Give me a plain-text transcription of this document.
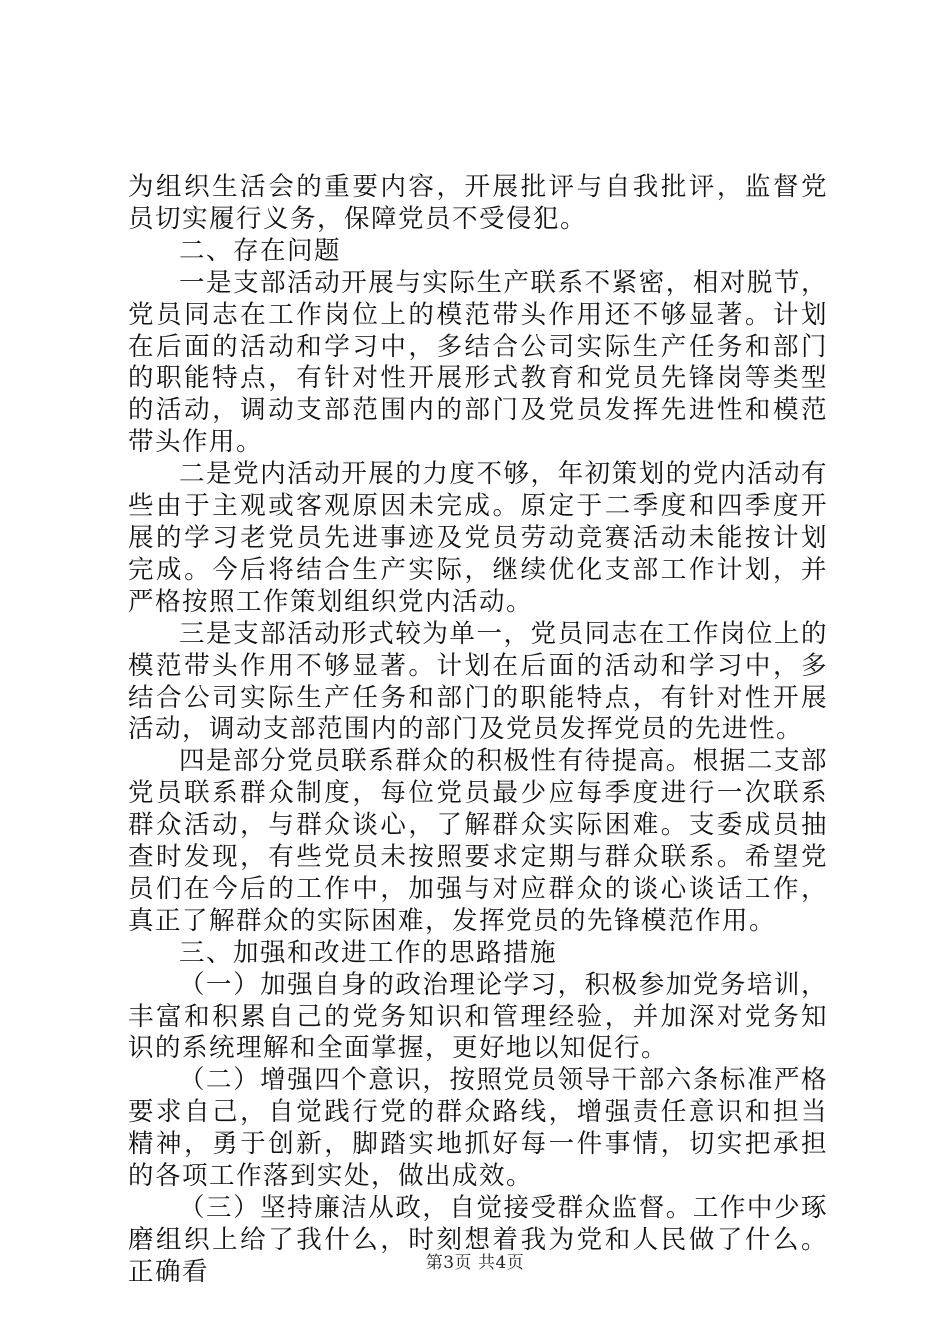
为组织生活会的重要内容，开展批评与自我批评，监督党员切实履行义务，保障党员不受侵犯。

二、存在问题

一是支部活动开展与实际生产联系不紧密，相对脱节，党员同志在工作岗位上的模范带头作用还不够显著。计划在后面的活动和学习中，多结合公司实际生产任务和部门的职能特点，有针对性开展形式教育和党员先锋岗等类型的活动，调动支部范围内的部门及党员发挥先进性和模范带头作用。

二是党内活动开展的力度不够，年初策划的党内活动有些由于主观或客观原因未完成。原定于二季度和四季度开展的学习老党员先进事迹及党员劳动竞赛活动未能按计划完成。今后将结合生产实际，继续优化支部工作计划，并严格按照工作策划组织党内活动。

三是支部活动形式较为单一，党员同志在工作岗位上的模范带头作用不够显著。计划在后面的活动和学习中，多结合公司实际生产任务和部门的职能特点，有针对性开展活动，调动支部范围内的部门及党员发挥党员的先进性。

四是部分党员联系群众的积极性有待提高。根据二支部党员联系群众制度，每位党员最少应每季度进行一次联系群众活动，与群众谈心，了解群众实际困难。支委成员抽查时发现，有些党员未按照要求定期与群众联系。希望党员们在今后的工作中，加强与对应群众的谈心谈话工作，真正了解群众的实际困难，发挥党员的先锋模范作用。

三、加强和改进工作的思路措施

（一）加强自身的政治理论学习，积极参加党务培训，丰富和积累自己的党务知识和管理经验，并加深对党务知识的系统理解和全面掌握，更好地以知促行。

（二）增强四个意识，按照党员领导干部六条标准严格要求自己，自觉践行党的群众路线，增强责任意识和担当精神，勇于创新，脚踏实地抓好每一件事情，切实把承担的各项工作落到实处，做出成效。

（三）坚持廉洁从政，自觉接受群众监督。工作中少琢磨组织上给了我什么，时刻想着我为党和人民做了什么。正确看	第3页 共4页
